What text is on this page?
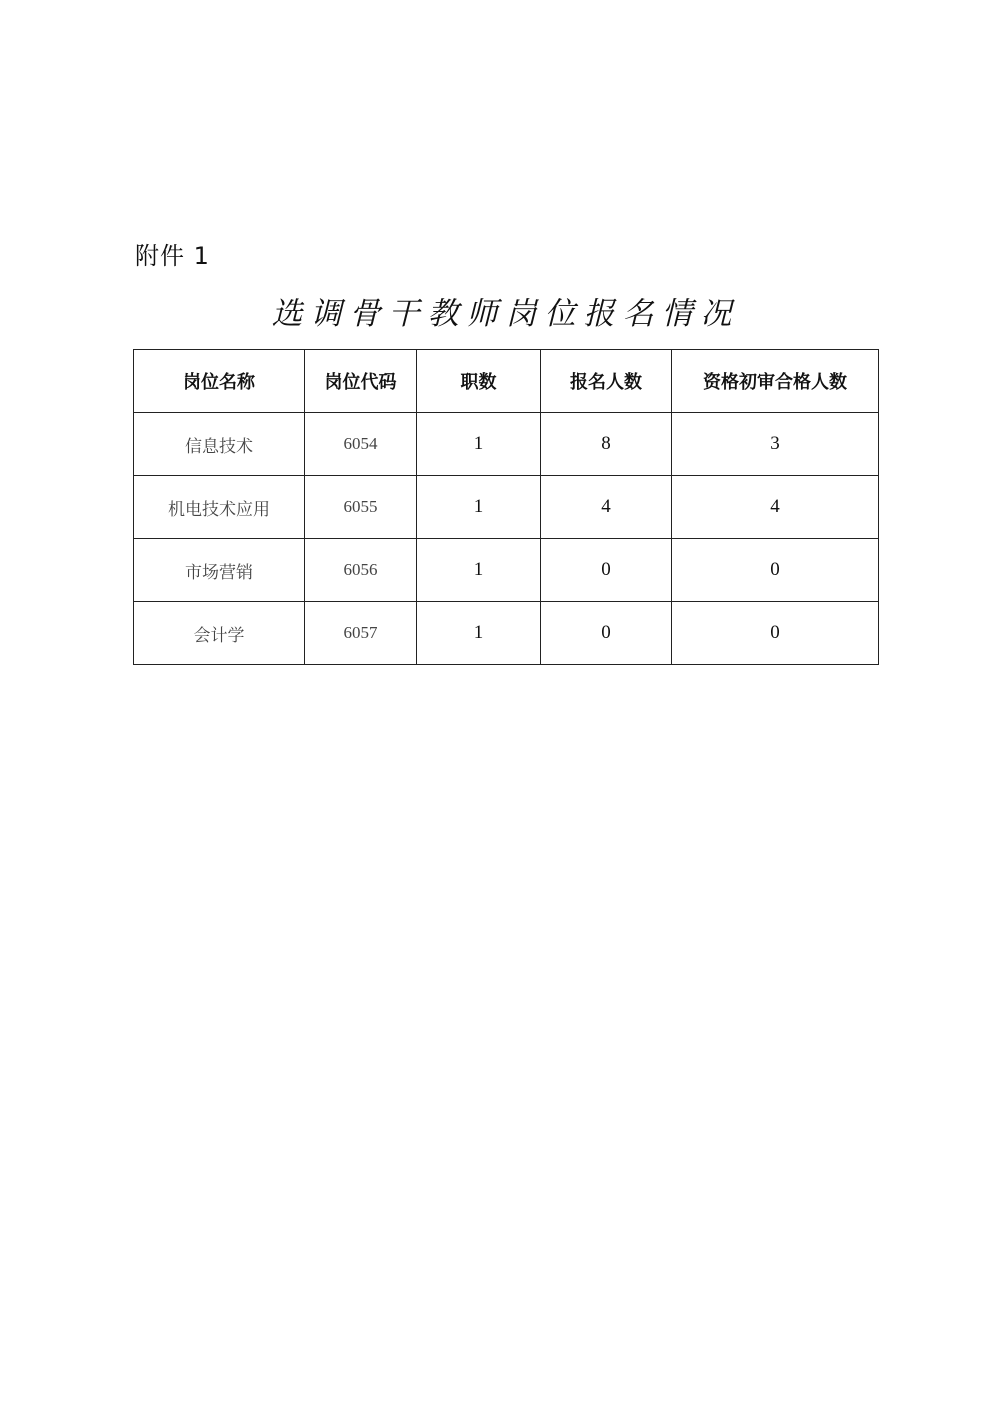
附件 1
选调骨干教师岗位报名情况
岗位名称	岗位代码	职数	报名人数	资格初审合格人数
信息技术	6054	1	8	3
机电技术应用	6055	1	4	4
市场营销	6056	1	0	0
会计学	6057	1	0	0
